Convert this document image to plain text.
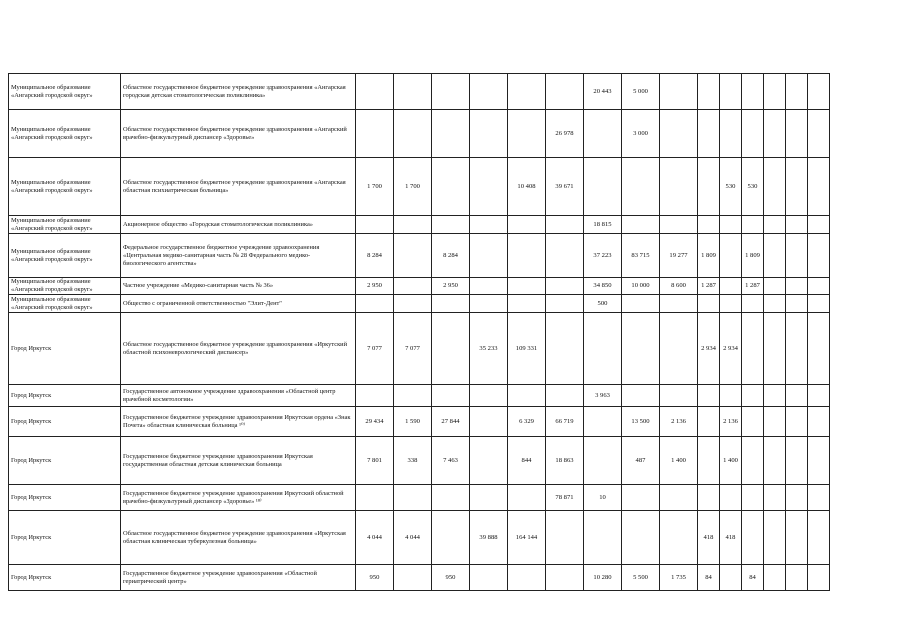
Муниципальное образование «Ангарский городской округ»	Областное государственное бюджетное учреждение здравоохранения «Ангарская городская детская стоматологическая поликлиника»							20 443	5 000							
Муниципальное образование «Ангарский городской округ»	Областное государственное бюджетное учреждение здравоохранения «Ангарский врачебно-физкультурный диспансер «Здоровье»						26 978		3 000							
Муниципальное образование «Ангарский городской округ»	Областное государственное бюджетное учреждение здравоохранения «Ангарская областная психиатрическая больница»	1 700	1 700			10 408	39 671					530	530			
Муниципальное образование «Ангарский городской округ»	Акционерное общество «Городская стоматологическая поликлиника»							18 815								
Муниципальное образование «Ангарский городской округ»	Федеральное государственное бюджетное учреждение здравоохранения «Центральная медико-санитарная часть № 28 Федерального медико-биологического агентства»	8 284		8 284				37 223	83 715	19 277	1 809		1 809			
Муниципальное образование «Ангарский городской округ»	Частное учреждение «Медико-санитарная часть № 36»	2 950		2 950				34 850	10 000	8 600	1 287		1 287			
Муниципальное образование «Ангарский городской округ»	Общество с ограниченной ответственностью "Элит-Дент"							500								
Город Иркутск	Областное государственное бюджетное учреждение здравоохранения «Иркутский областной психоневрологический диспансер»	7 077	7 077		35 233	109 331					2 934	2 934				
Город Иркутск	Государственное автономное учреждение здравоохранения «Областной центр врачебной косметологии»							3 963								
Город Иркутск	Государственное бюджетное учреждение здравоохранения Иркутская ордена «Знак Почета» областная клиническая больница ¹⁰⁾	29 434	1 590	27 844		6 329	66 719		13 500	2 136		2 136				
Город Иркутск	Государственное бюджетное учреждение здравоохранения Иркутская государственная областная детская клиническая больница	7 801	338	7 463		844	18 863		487	1 400		1 400				
Город Иркутск	Государственное бюджетное учреждение здравоохранения Иркутский областной врачебно-физкультурный диспансер «Здоровье» ¹⁸⁾						78 871	10								
Город Иркутск	Областное государственное бюджетное учреждение здравоохранения «Иркутская областная клиническая туберкулезная больница»	4 044	4 044		39 888	164 144					418	418				
Город Иркутск	Государственное бюджетное учреждение здравоохранения «Областной гериатрический центр»	950		950				10 280	5 500	1 735	84		84			
